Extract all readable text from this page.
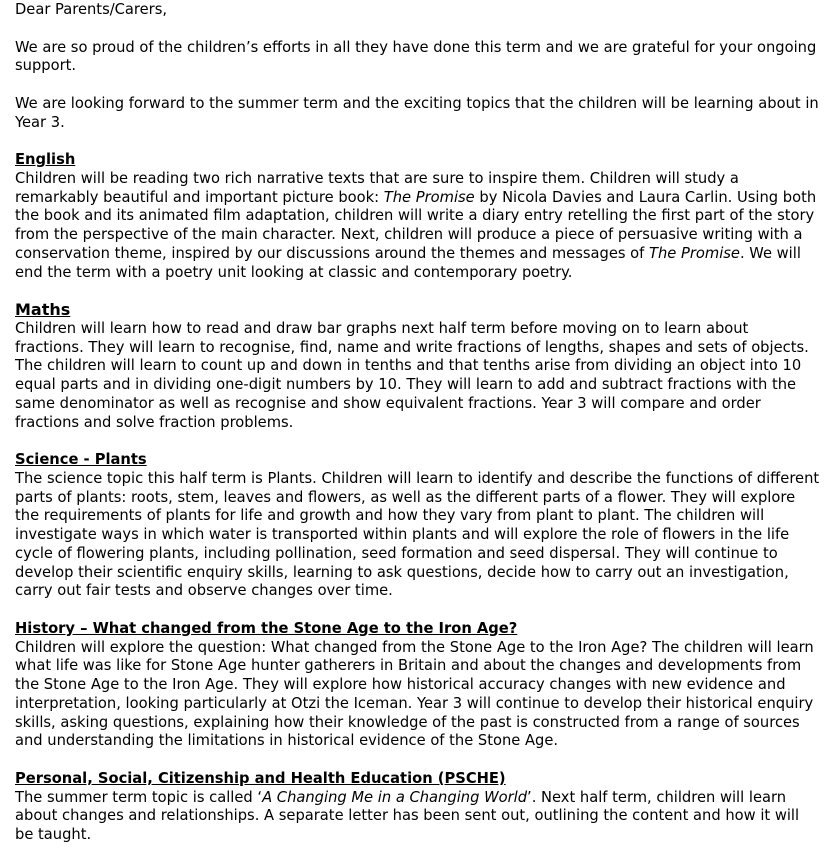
Dear Parents/Carers,

We are so proud of the children’s efforts in all they have done this term and we are grateful for your ongoing support.

We are looking forward to the summer term and the exciting topics that the children will be learning about in Year 3.

English

Children will be reading two rich narrative texts that are sure to inspire them. Children will study a remarkably beautiful and important picture book: The Promise by Nicola Davies and Laura Carlin. Using both the book and its animated film adaptation, children will write a diary entry retelling the first part of the story from the perspective of the main character. Next, children will produce a piece of persuasive writing with a conservation theme, inspired by our discussions around the themes and messages of The Promise. We will end the term with a poetry unit looking at classic and contemporary poetry.

Maths

Children will learn how to read and draw bar graphs next half term before moving on to learn about fractions. They will learn to recognise, find, name and write fractions of lengths, shapes and sets of objects. The children will learn to count up and down in tenths and that tenths arise from dividing an object into 10 equal parts and in dividing one-digit numbers by 10. They will learn to add and subtract fractions with the same denominator as well as recognise and show equivalent fractions. Year 3 will compare and order fractions and solve fraction problems.

Science - Plants

The science topic this half term is Plants. Children will learn to identify and describe the functions of different parts of plants: roots, stem, leaves and flowers, as well as the different parts of a flower. They will explore the requirements of plants for life and growth and how they vary from plant to plant. The children will investigate ways in which water is transported within plants and will explore the role of flowers in the life cycle of flowering plants, including pollination, seed formation and seed dispersal. They will continue to develop their scientific enquiry skills, learning to ask questions, decide how to carry out an investigation, carry out fair tests and observe changes over time.

History – What changed from the Stone Age to the Iron Age?

Children will explore the question: What changed from the Stone Age to the Iron Age? The children will learn what life was like for Stone Age hunter gatherers in Britain and about the changes and developments from the Stone Age to the Iron Age. They will explore how historical accuracy changes with new evidence and interpretation, looking particularly at Otzi the Iceman. Year 3 will continue to develop their historical enquiry skills, asking questions, explaining how their knowledge of the past is constructed from a range of sources and understanding the limitations in historical evidence of the Stone Age.

Personal, Social, Citizenship and Health Education (PSCHE)

The summer term topic is called ‘A Changing Me in a Changing World’. Next half term, children will learn about changes and relationships. A separate letter has been sent out, outlining the content and how it will be taught.
